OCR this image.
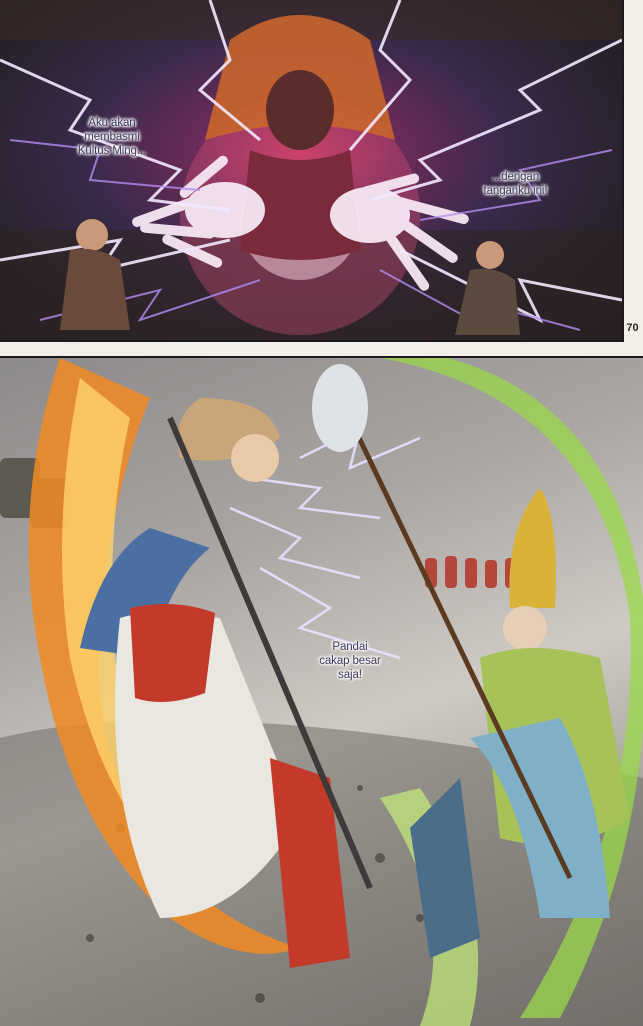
Aku akan
membasmi
Kultus Ming...
...dengan
tanganku ini!
70
Pandai
cakap besar
saja!
